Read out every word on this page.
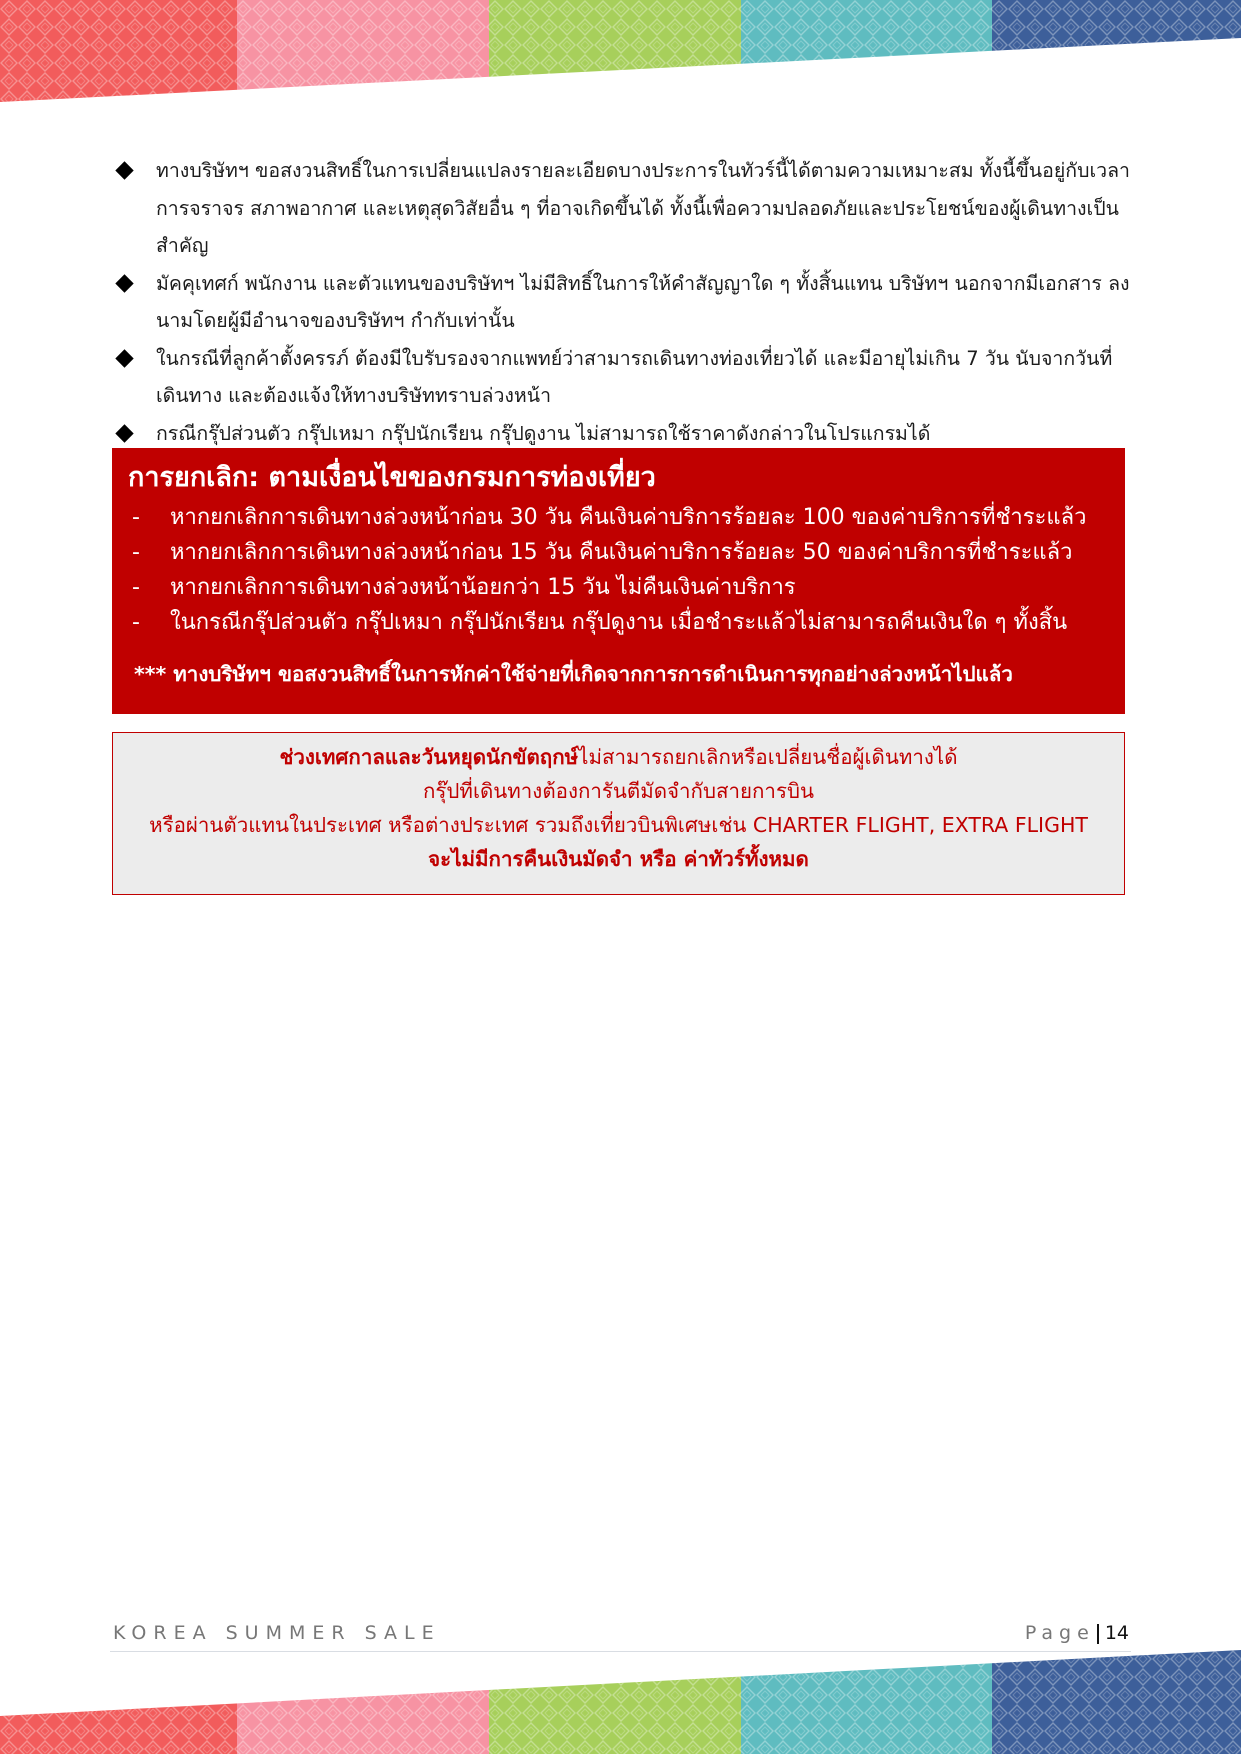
ทางบริษัทฯ ขอสงวนสิทธิ์ในการเปลี่ยนแปลงรายละเอียดบางประการในทัวร์นี้ได้ตามความเหมาะสม ทั้งนี้ขึ้นอยู่กับเวลา การจราจร สภาพอากาศ และเหตุสุดวิสัยอื่น ๆ ที่อาจเกิดขึ้นได้ ทั้งนี้เพื่อความปลอดภัยและประโยชน์ของผู้เดินทางเป็นสำคัญ
มัคคุเทศก์ พนักงาน และตัวแทนของบริษัทฯ ไม่มีสิทธิ์ในการให้คำสัญญาใด ๆ ทั้งสิ้นแทน บริษัทฯ นอกจากมีเอกสาร ลงนามโดยผู้มีอำนาจของบริษัทฯ กำกับเท่านั้น
ในกรณีที่ลูกค้าตั้งครรภ์ ต้องมีใบรับรองจากแพทย์ว่าสามารถเดินทางท่องเที่ยวได้ และมีอายุไม่เกิน 7 วัน นับจากวันที่เดินทาง และต้องแจ้งให้ทางบริษัททราบล่วงหน้า
กรณีกรุ๊ปส่วนตัว กรุ๊ปเหมา กรุ๊ปนักเรียน กรุ๊ปดูงาน ไม่สามารถใช้ราคาดังกล่าวในโปรแกรมได้
การยกเลิก: ตามเงื่อนไขของกรมการท่องเที่ยว
- หากยกเลิกการเดินทางล่วงหน้าก่อน 30 วัน คืนเงินค่าบริการร้อยละ 100 ของค่าบริการที่ชำระแล้ว
- หากยกเลิกการเดินทางล่วงหน้าก่อน 15 วัน คืนเงินค่าบริการร้อยละ 50 ของค่าบริการที่ชำระแล้ว
- หากยกเลิกการเดินทางล่วงหน้าน้อยกว่า 15 วัน ไม่คืนเงินค่าบริการ
- ในกรณีกรุ๊ปส่วนตัว กรุ๊ปเหมา กรุ๊ปนักเรียน กรุ๊ปดูงาน เมื่อชำระแล้วไม่สามารถคืนเงินใด ๆ ทั้งสิ้น
*** ทางบริษัทฯ ขอสงวนสิทธิ์ในการหักค่าใช้จ่ายที่เกิดจากการการดำเนินการทุกอย่างล่วงหน้าไปแล้ว
ช่วงเทศกาลและวันหยุดนักขัตฤกษ์ไม่สามารถยกเลิกหรือเปลี่ยนชื่อผู้เดินทางได้
กรุ๊ปที่เดินทางต้องการันตีมัดจำกับสายการบิน
หรือผ่านตัวแทนในประเทศ หรือต่างประเทศ รวมถึงเที่ยวบินพิเศษเช่น CHARTER FLIGHT, EXTRA FLIGHT
จะไม่มีการคืนเงินมัดจำ หรือ ค่าทัวร์ทั้งหมด
KOREA SUMMER SALE	Page 14
